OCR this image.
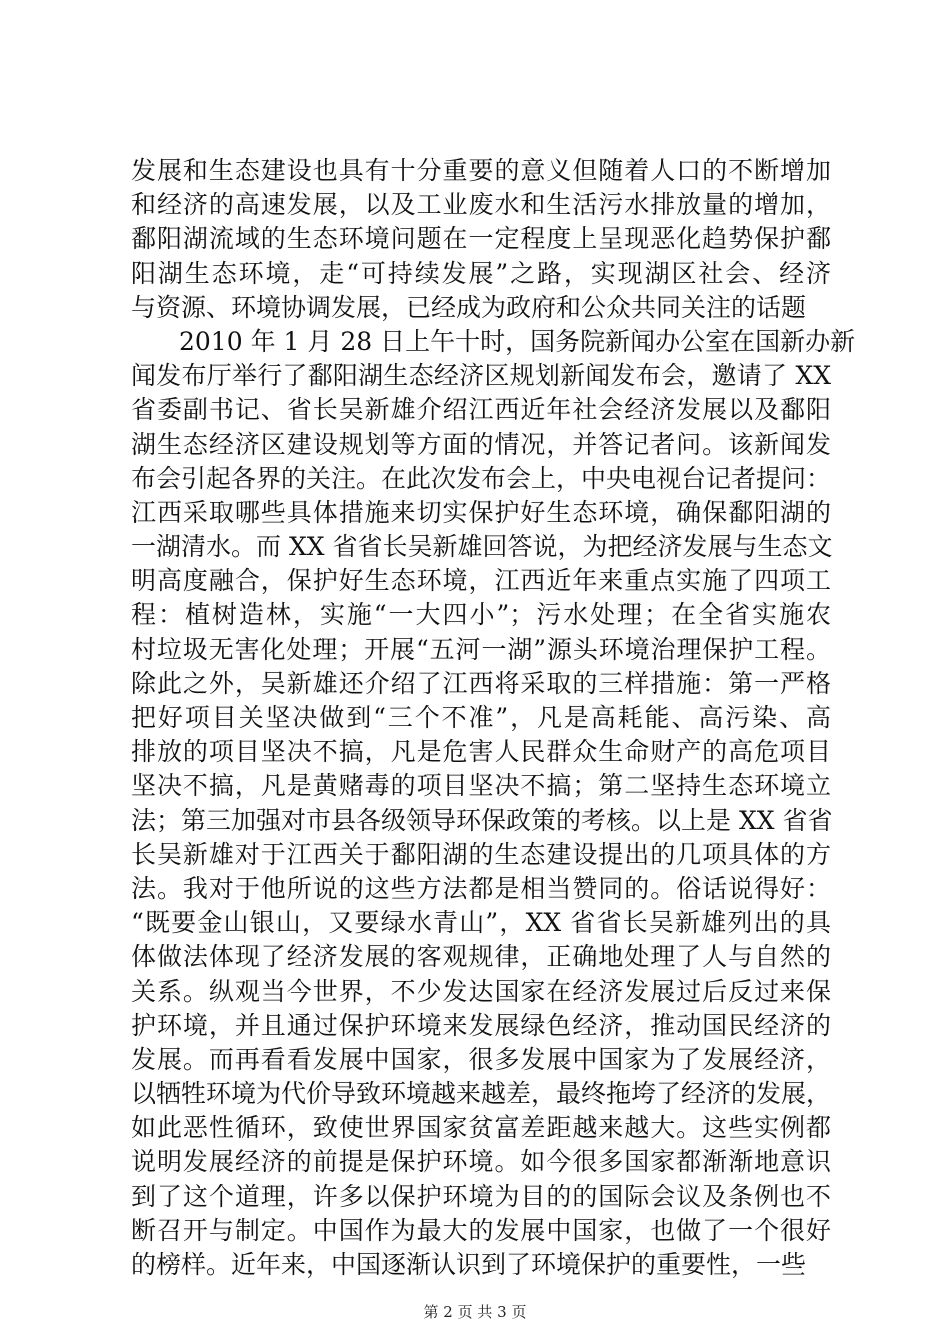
发展和生态建设也具有十分重要的意义但随着人口的不断增加
和经济的高速发展，以及工业废水和生活污水排放量的增加，
鄱阳湖流域的生态环境问题在一定程度上呈现恶化趋势保护鄱
阳湖生态环境，走“可持续发展”之路，实现湖区社会、经济
与资源、环境协调发展，已经成为政府和公众共同关注的话题
2010 年 1 月 28 日上午十时，国务院新闻办公室在国新办新
闻发布厅举行了鄱阳湖生态经济区规划新闻发布会，邀请了 XX
省委副书记、省长吴新雄介绍江西近年社会经济发展以及鄱阳
湖生态经济区建设规划等方面的情况，并答记者问。该新闻发
布会引起各界的关注。在此次发布会上，中央电视台记者提问：
江西采取哪些具体措施来切实保护好生态环境，确保鄱阳湖的
一湖清水。而 XX 省省长吴新雄回答说，为把经济发展与生态文
明高度融合，保护好生态环境，江西近年来重点实施了四项工
程：植树造林，实施“一大四小”；污水处理；在全省实施农
村垃圾无害化处理；开展“五河一湖”源头环境治理保护工程。
除此之外，吴新雄还介绍了江西将采取的三样措施：第一严格
把好项目关坚决做到“三个不准”，凡是高耗能、高污染、高
排放的项目坚决不搞，凡是危害人民群众生命财产的高危项目
坚决不搞，凡是黄赌毒的项目坚决不搞；第二坚持生态环境立
法；第三加强对市县各级领导环保政策的考核。以上是 XX 省省
长吴新雄对于江西关于鄱阳湖的生态建设提出的几项具体的方
法。我对于他所说的这些方法都是相当赞同的。俗话说得好：
“既要金山银山，又要绿水青山”，XX 省省长吴新雄列出的具
体做法体现了经济发展的客观规律，正确地处理了人与自然的
关系。纵观当今世界，不少发达国家在经济发展过后反过来保
护环境，并且通过保护环境来发展绿色经济，推动国民经济的
发展。而再看看发展中国家，很多发展中国家为了发展经济，
以牺牲环境为代价导致环境越来越差，最终拖垮了经济的发展，
如此恶性循环，致使世界国家贫富差距越来越大。这些实例都
说明发展经济的前提是保护环境。如今很多国家都渐渐地意识
到了这个道理，许多以保护环境为目的的国际会议及条例也不
断召开与制定。中国作为最大的发展中国家，也做了一个很好
的榜样。近年来，中国逐渐认识到了环境保护的重要性，一些
第 2 页 共 3 页
